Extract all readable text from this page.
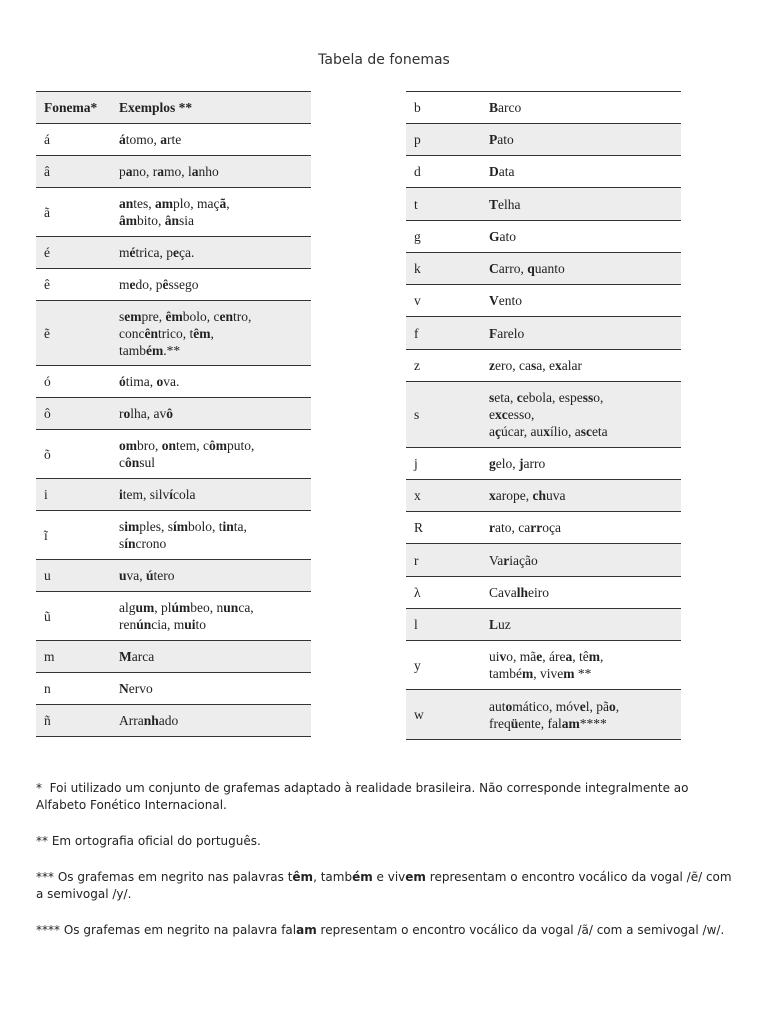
Tabela de fonemas
Fonema*	Exemplos **
á	átomo, arte
â	pano, ramo, lanho
ã	antes, amplo, maçã,
âmbito, ânsia
é	métrica, peça.
ê	medo, pêssego
ẽ	sempre, êmbolo, centro,
concêntrico, têm,
também.**
ó	ótima, ova.
ô	rolha, avô
õ	ombro, ontem, cômputo,
cônsul
i	item, silvícola
ĩ	simples, símbolo, tinta,
síncrono
u	uva, útero
ũ	algum, plúmbeo, nunca,
renúncia, muito
m	Marca
n	Nervo
ñ	Arranhado
b	Barco
p	Pato
d	Data
t	Telha
g	Gato
k	Carro, quanto
v	Vento
f	Farelo
z	zero, casa, exalar
s	seta, cebola, espesso,
excesso,
açúcar, auxílio, asceta
j	gelo, jarro
x	xarope, chuva
R	rato, carroça
r	Variação
λ	Cavalheiro
l	Luz
y	uivo, mãe, área, têm,
também, vivem **
w	automático, móvel, pão,
freqüente, falam****

*  Foi utilizado um conjunto de grafemas adaptado à realidade brasileira. Não corresponde integralmente ao Alfabeto Fonético Internacional.

** Em ortografia oficial do português.

*** Os grafemas em negrito nas palavras têm, também e vivem representam o encontro vocálico da vogal /ẽ/ com a semivogal /y/.

**** Os grafemas em negrito na palavra falam representam o encontro vocálico da vogal /ã/ com a semivogal /w/.
